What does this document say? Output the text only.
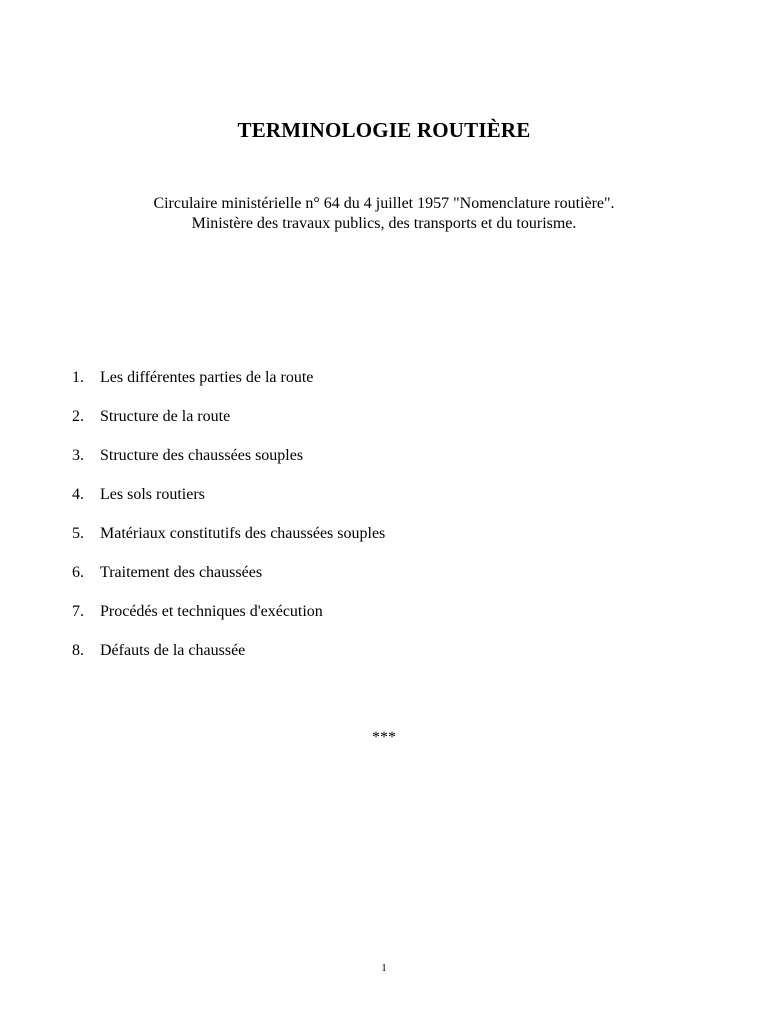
TERMINOLOGIE ROUTIÈRE
Circulaire ministérielle n° 64 du 4 juillet 1957 "Nomenclature routière".
Ministère des travaux publics, des transports et du tourisme.
1. Les différentes parties de la route
2. Structure de la route
3. Structure des chaussées souples
4. Les sols routiers
5. Matériaux constitutifs des chaussées souples
6. Traitement des chaussées
7. Procédés et techniques d'exécution
8. Défauts de la chaussée
***
1
